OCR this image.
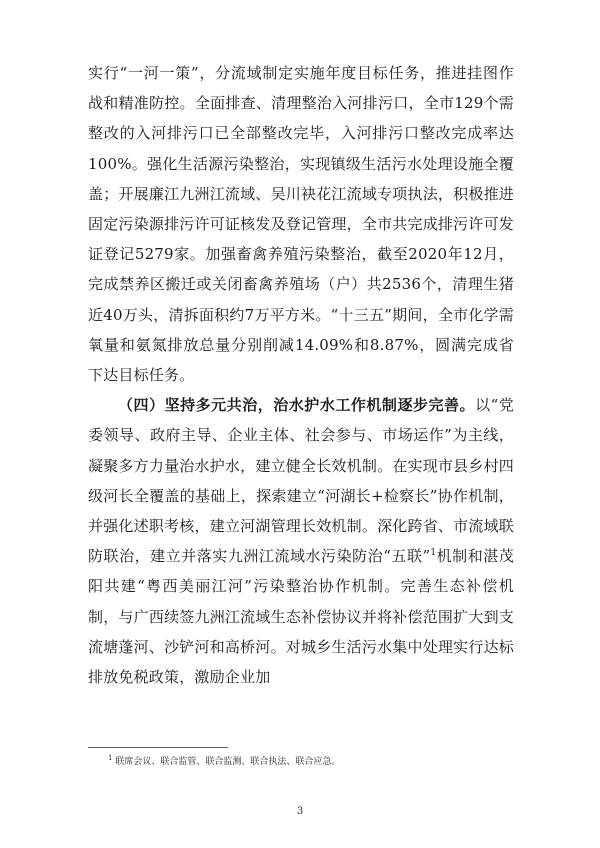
实行“一河一策”，分流域制定实施年度目标任务，推进挂图作战和精准防控。全面排查、清理整治入河排污口，全市129个需整改的入河排污口已全部整改完毕，入河排污口整改完成率达100%。强化生活源污染整治，实现镇级生活污水处理设施全覆盖；开展廉江九洲江流域、吴川袂花江流域专项执法，积极推进固定污染源排污许可证核发及登记管理，全市共完成排污许可发证登记5279家。加强畜禽养殖污染整治，截至2020年12月，完成禁养区搬迁或关闭畜禽养殖场（户）共2536个，清理生猪近40万头，清拆面积约7万平方米。“十三五”期间，全市化学需氧量和氨氮排放总量分别削减14.09%和8.87%，圆满完成省下达目标任务。

（四）坚持多元共治，治水护水工作机制逐步完善。以“党委领导、政府主导、企业主体、社会参与、市场运作”为主线，凝聚多方力量治水护水，建立健全长效机制。在实现市县乡村四级河长全覆盖的基础上，探索建立“河湖长+检察长”协作机制，并强化述职考核，建立河湖管理长效机制。深化跨省、市流域联防联治，建立并落实九洲江流域水污染防治“五联”$^1$机制和湛茂阳共建“粤西美丽江河”污染整治协作机制。完善生态补偿机制，与广西续签九洲江流域生态补偿协议并将补偿范围扩大到支流塘蓬河、沙铲河和高桥河。对城乡生活污水集中处理实行达标排放免税政策，激励企业加

$^1$ 联席会议、联合监管、联合监测、联合执法、联合应急。
3
